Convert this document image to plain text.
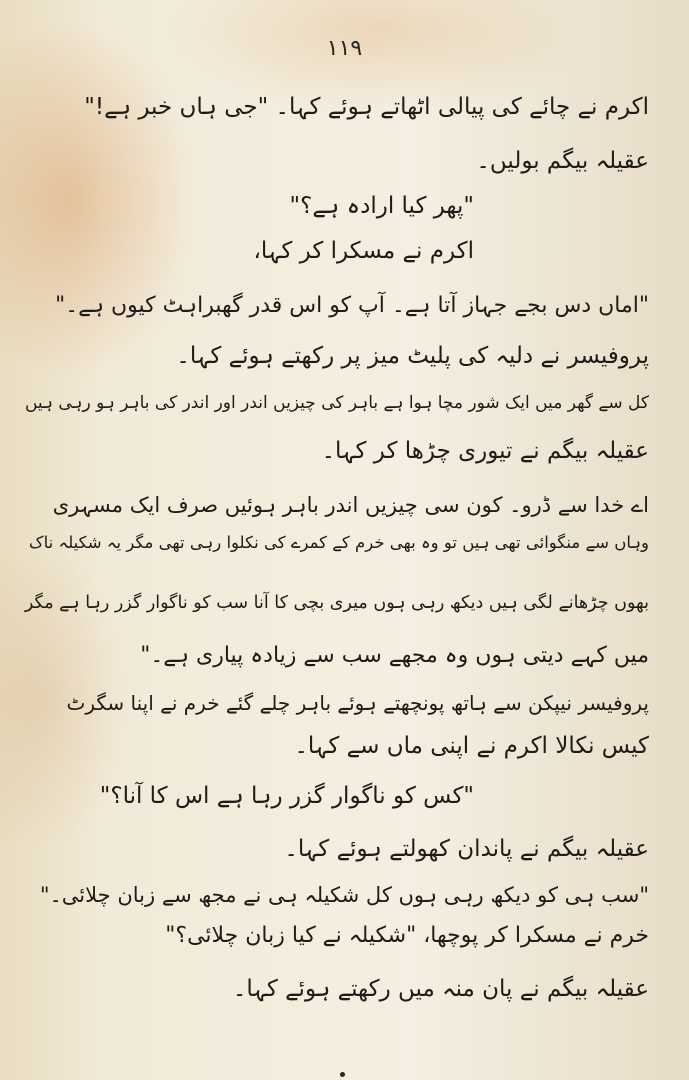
۱۱۹
اکرم نے چائے کی پیالی اٹھاتے ہوئے کہا۔ "جی ہاں خبر ہے!"
عقیلہ بیگم بولیں۔
"پھر کیا ارادہ ہے؟"
اکرم نے مسکرا کر کہا،
"اماں دس بجے جہاز آتا ہے۔ آپ کو اس قدر گھبراہٹ کیوں ہے۔"
پروفیسر نے دلیہ کی پلیٹ میز پر رکھتے ہوئے کہا۔
کل سے گھر میں ایک شور مچا ہوا ہے باہر کی چیزیں اندر اور اندر کی باہر ہو رہی ہیں
عقیلہ بیگم نے تیوری چڑھا کر کہا۔
اے خدا سے ڈرو۔ کون سی چیزیں اندر باہر ہوئیں صرف ایک مسہری
وہاں سے منگوائی تھی ہیں تو وہ بھی خرم کے کمرے کی نکلوا رہی تھی مگر یہ شکیلہ ناک
بھوں چڑھانے لگی ہیں دیکھ رہی ہوں میری بچی کا آنا سب کو ناگوار گزر رہا ہے مگر
میں کہے دیتی ہوں وہ مجھے سب سے زیادہ پیاری ہے۔"
پروفیسر نیپکن سے ہاتھ پونچھتے ہوئے باہر چلے گئے خرم نے اپنا سگرٹ
کیس نکالا اکرم نے اپنی ماں سے کہا۔
"کس کو ناگوار گزر رہا ہے اس کا آنا؟"
عقیلہ بیگم نے پاندان کھولتے ہوئے کہا۔
"سب ہی کو دیکھ رہی ہوں کل شکیلہ ہی نے مجھ سے زبان چلائی۔"
خرم نے مسکرا کر پوچھا، "شکیلہ نے کیا زبان چلائی؟"
عقیلہ بیگم نے پان منہ میں رکھتے ہوئے کہا۔
